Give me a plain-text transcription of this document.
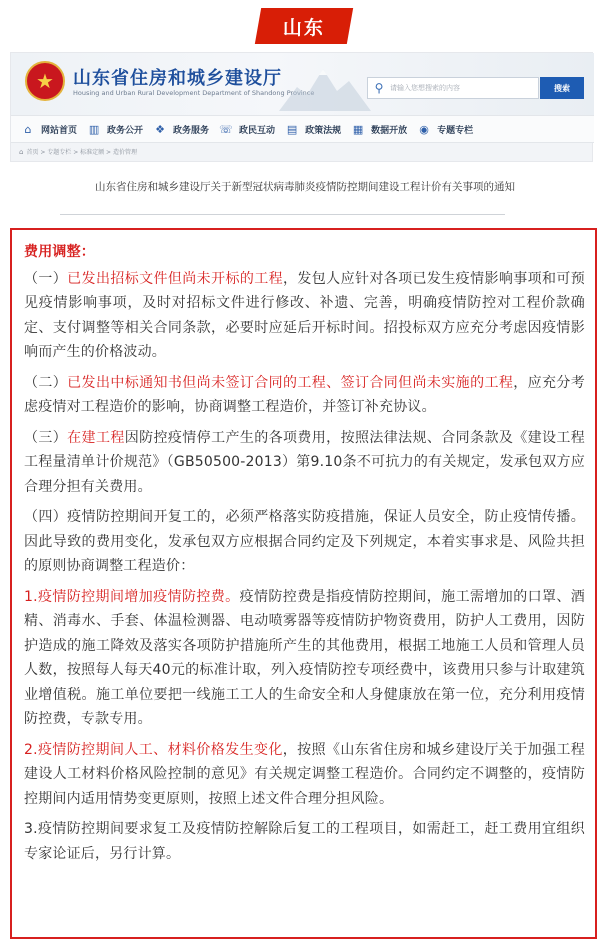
山东
★ 山东省住房和城乡建设厅
Housing and Urban Rural Development Department of Shandong Province	⚲ 请输入您想搜索的内容	搜索
⌂	网站首页 ▥ 政务公开 ❖ 政务服务 ☏ 政民互动 ▤ 政策法规 ▦ 数据开放 ◉ 专题专栏
⌂ 首页 > 专题专栏 > 标准定额 > 造价管理
山东省住房和城乡建设厅关于新型冠状病毒肺炎疫情防控期间建设工程计价有关事项的通知

费用调整：

（一）已发出招标文件但尚未开标的工程，发包人应针对各项已发生疫情影响事项和可预见疫情影响事项，及时对招标文件进行修改、补遗、完善，明确疫情防控对工程价款确定、支付调整等相关合同条款，必要时应延后开标时间。招投标双方应充分考虑因疫情影响而产生的价格波动。

（二）已发出中标通知书但尚未签订合同的工程、签订合同但尚未实施的工程，应充分考虑疫情对工程造价的影响，协商调整工程造价，并签订补充协议。

（三）在建工程因防控疫情停工产生的各项费用，按照法律法规、合同条款及《建设工程工程量清单计价规范》（GB50500-2013）第9.10条不可抗力的有关规定，发承包双方应合理分担有关费用。

（四）疫情防控期间开复工的，必须严格落实防疫措施，保证人员安全，防止疫情传播。因此导致的费用变化，发承包双方应根据合同约定及下列规定，本着实事求是、风险共担的原则协商调整工程造价：

1.疫情防控期间增加疫情防控费。疫情防控费是指疫情防控期间，施工需增加的口罩、酒精、消毒水、手套、体温检测器、电动喷雾器等疫情防护物资费用，防护人工费用，因防护造成的施工降效及落实各项防护措施所产生的其他费用，根据工地施工人员和管理人员人数，按照每人每天40元的标准计取，列入疫情防控专项经费中，该费用只参与计取建筑业增值税。施工单位要把一线施工工人的生命安全和人身健康放在第一位，充分利用疫情防控费，专款专用。

2.疫情防控期间人工、材料价格发生变化，按照《山东省住房和城乡建设厅关于加强工程建设人工材料价格风险控制的意见》有关规定调整工程造价。合同约定不调整的，疫情防控期间内适用情势变更原则，按照上述文件合理分担风险。

3.疫情防控期间要求复工及疫情防控解除后复工的工程项目，如需赶工，赶工费用宜组织专家论证后，另行计算。
